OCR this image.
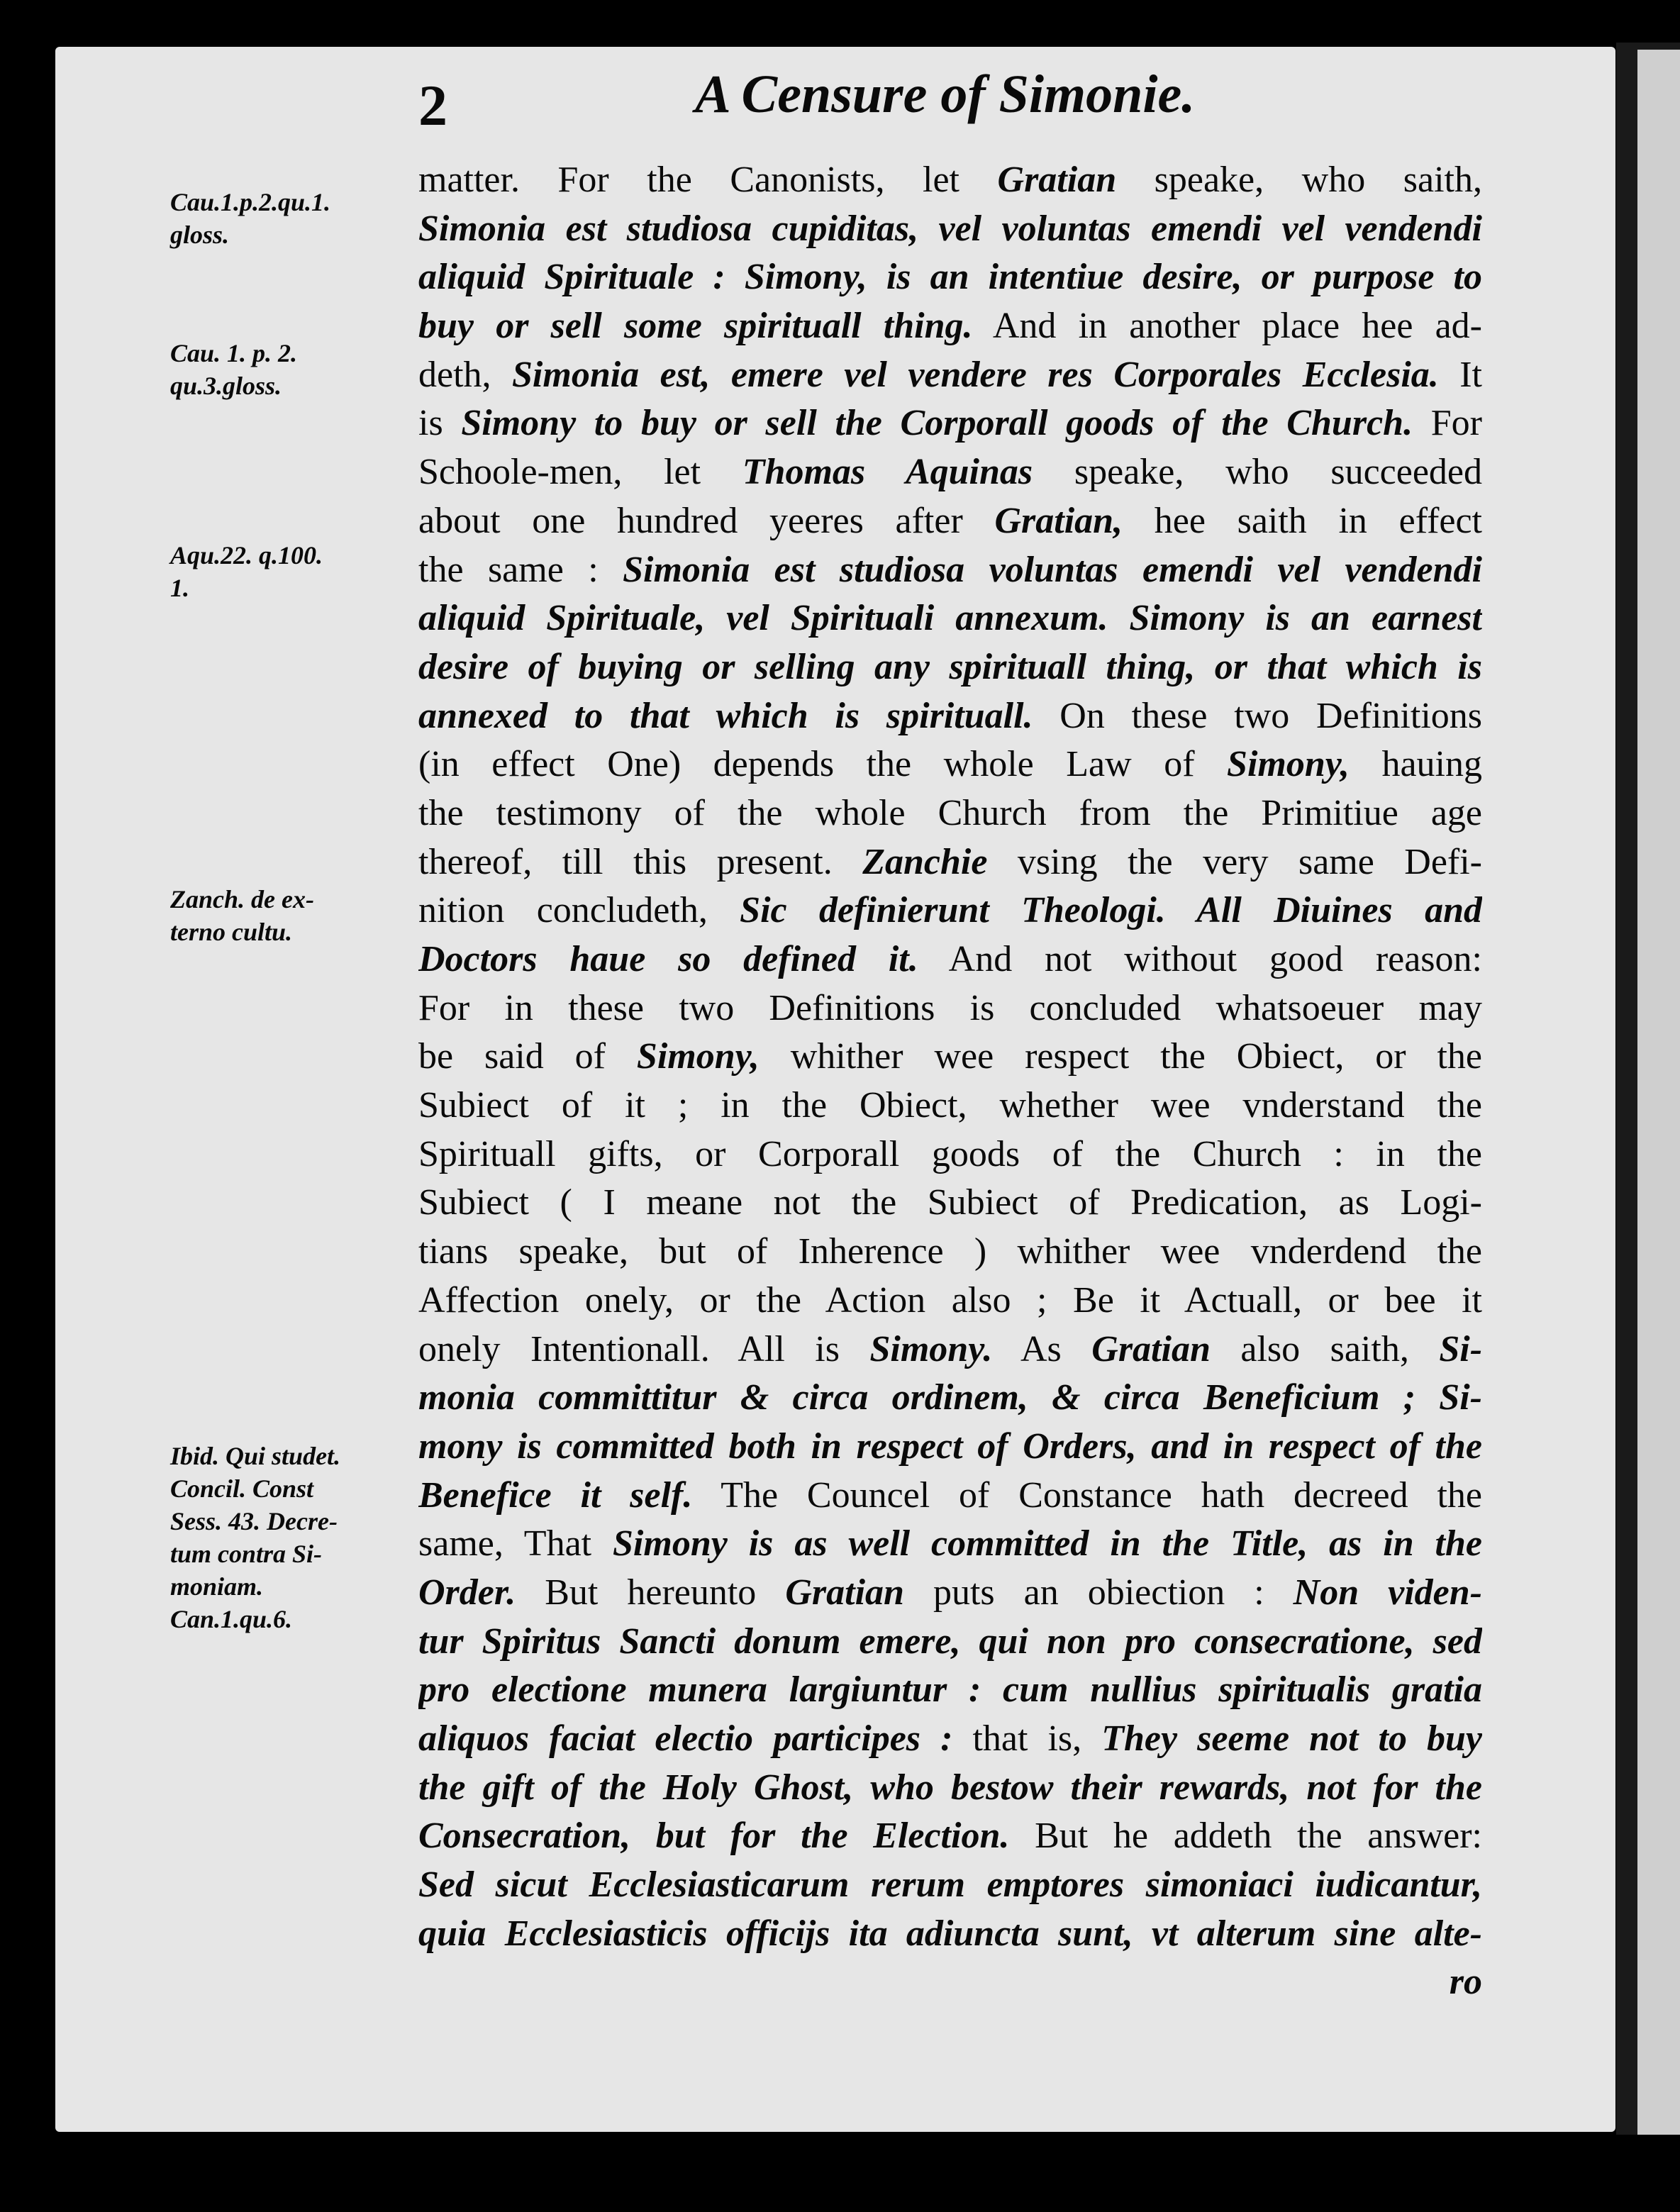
2	A Censure of Simonie.
Cau.1.p.2.qu.1.
gloss.
Cau. 1. p. 2.
qu.3.gloss.
Aqu.22. q.100.
1.
Zanch. de ex-
terno cultu.
Ibid. Qui studet.
Concil. Const
Sess. 43. Decre-
tum contra Si-
moniam.
Can.1.qu.6.
matter. For the Canonists, let Gratian speake, who saith,
Simonia est studiosa cupiditas, vel voluntas emendi vel vendendi
aliquid Spirituale : Simony, is an intentiue desire, or purpose to
buy or sell some spirituall thing. And in another place hee ad-
deth, Simonia est, emere vel vendere res Corporales Ecclesia. It
is Simony to buy or sell the Corporall goods of the Church. For
Schoole-men, let Thomas Aquinas speake, who succeeded
about one hundred yeeres after Gratian, hee saith in effect
the same : Simonia est studiosa voluntas emendi vel vendendi
aliquid Spirituale, vel Spirituali annexum. Simony is an earnest
desire of buying or selling any spirituall thing, or that which is
annexed to that which is spirituall. On these two Definitions
(in effect One) depends the whole Law of Simony, hauing
the testimony of the whole Church from the Primitiue age
thereof, till this present. Zanchie vsing the very same Defi-
nition concludeth, Sic definierunt Theologi. All Diuines and
Doctors haue so defined it. And not without good reason:
For in these two Definitions is concluded whatsoeuer may
be said of Simony, whither wee respect the Obiect, or the
Subiect of it ; in the Obiect, whether wee vnderstand the
Spirituall gifts, or Corporall goods of the Church : in the
Subiect ( I meane not the Subiect of Predication, as Logi-
tians speake, but of Inherence ) whither wee vnderdend the
Affection onely, or the Action also ; Be it Actuall, or bee it
onely Intentionall. All is Simony. As Gratian also saith, Si-
monia committitur & circa ordinem, & circa Beneficium ; Si-
mony is committed both in respect of Orders, and in respect of the
Benefice it self. The Councel of Constance hath decreed the
same, That Simony is as well committed in the Title, as in the
Order. But hereunto Gratian puts an obiection : Non viden-
tur Spiritus Sancti donum emere, qui non pro consecratione, sed
pro electione munera largiuntur : cum nullius spiritualis gratia
aliquos faciat electio participes : that is, They seeme not to buy
the gift of the Holy Ghost, who bestow their rewards, not for the
Consecration, but for the Election. But he addeth the answer:
Sed sicut Ecclesiasticarum rerum emptores simoniaci iudicantur,
quia Ecclesiasticis officijs ita adiuncta sunt, vt alterum sine alte-
ro
